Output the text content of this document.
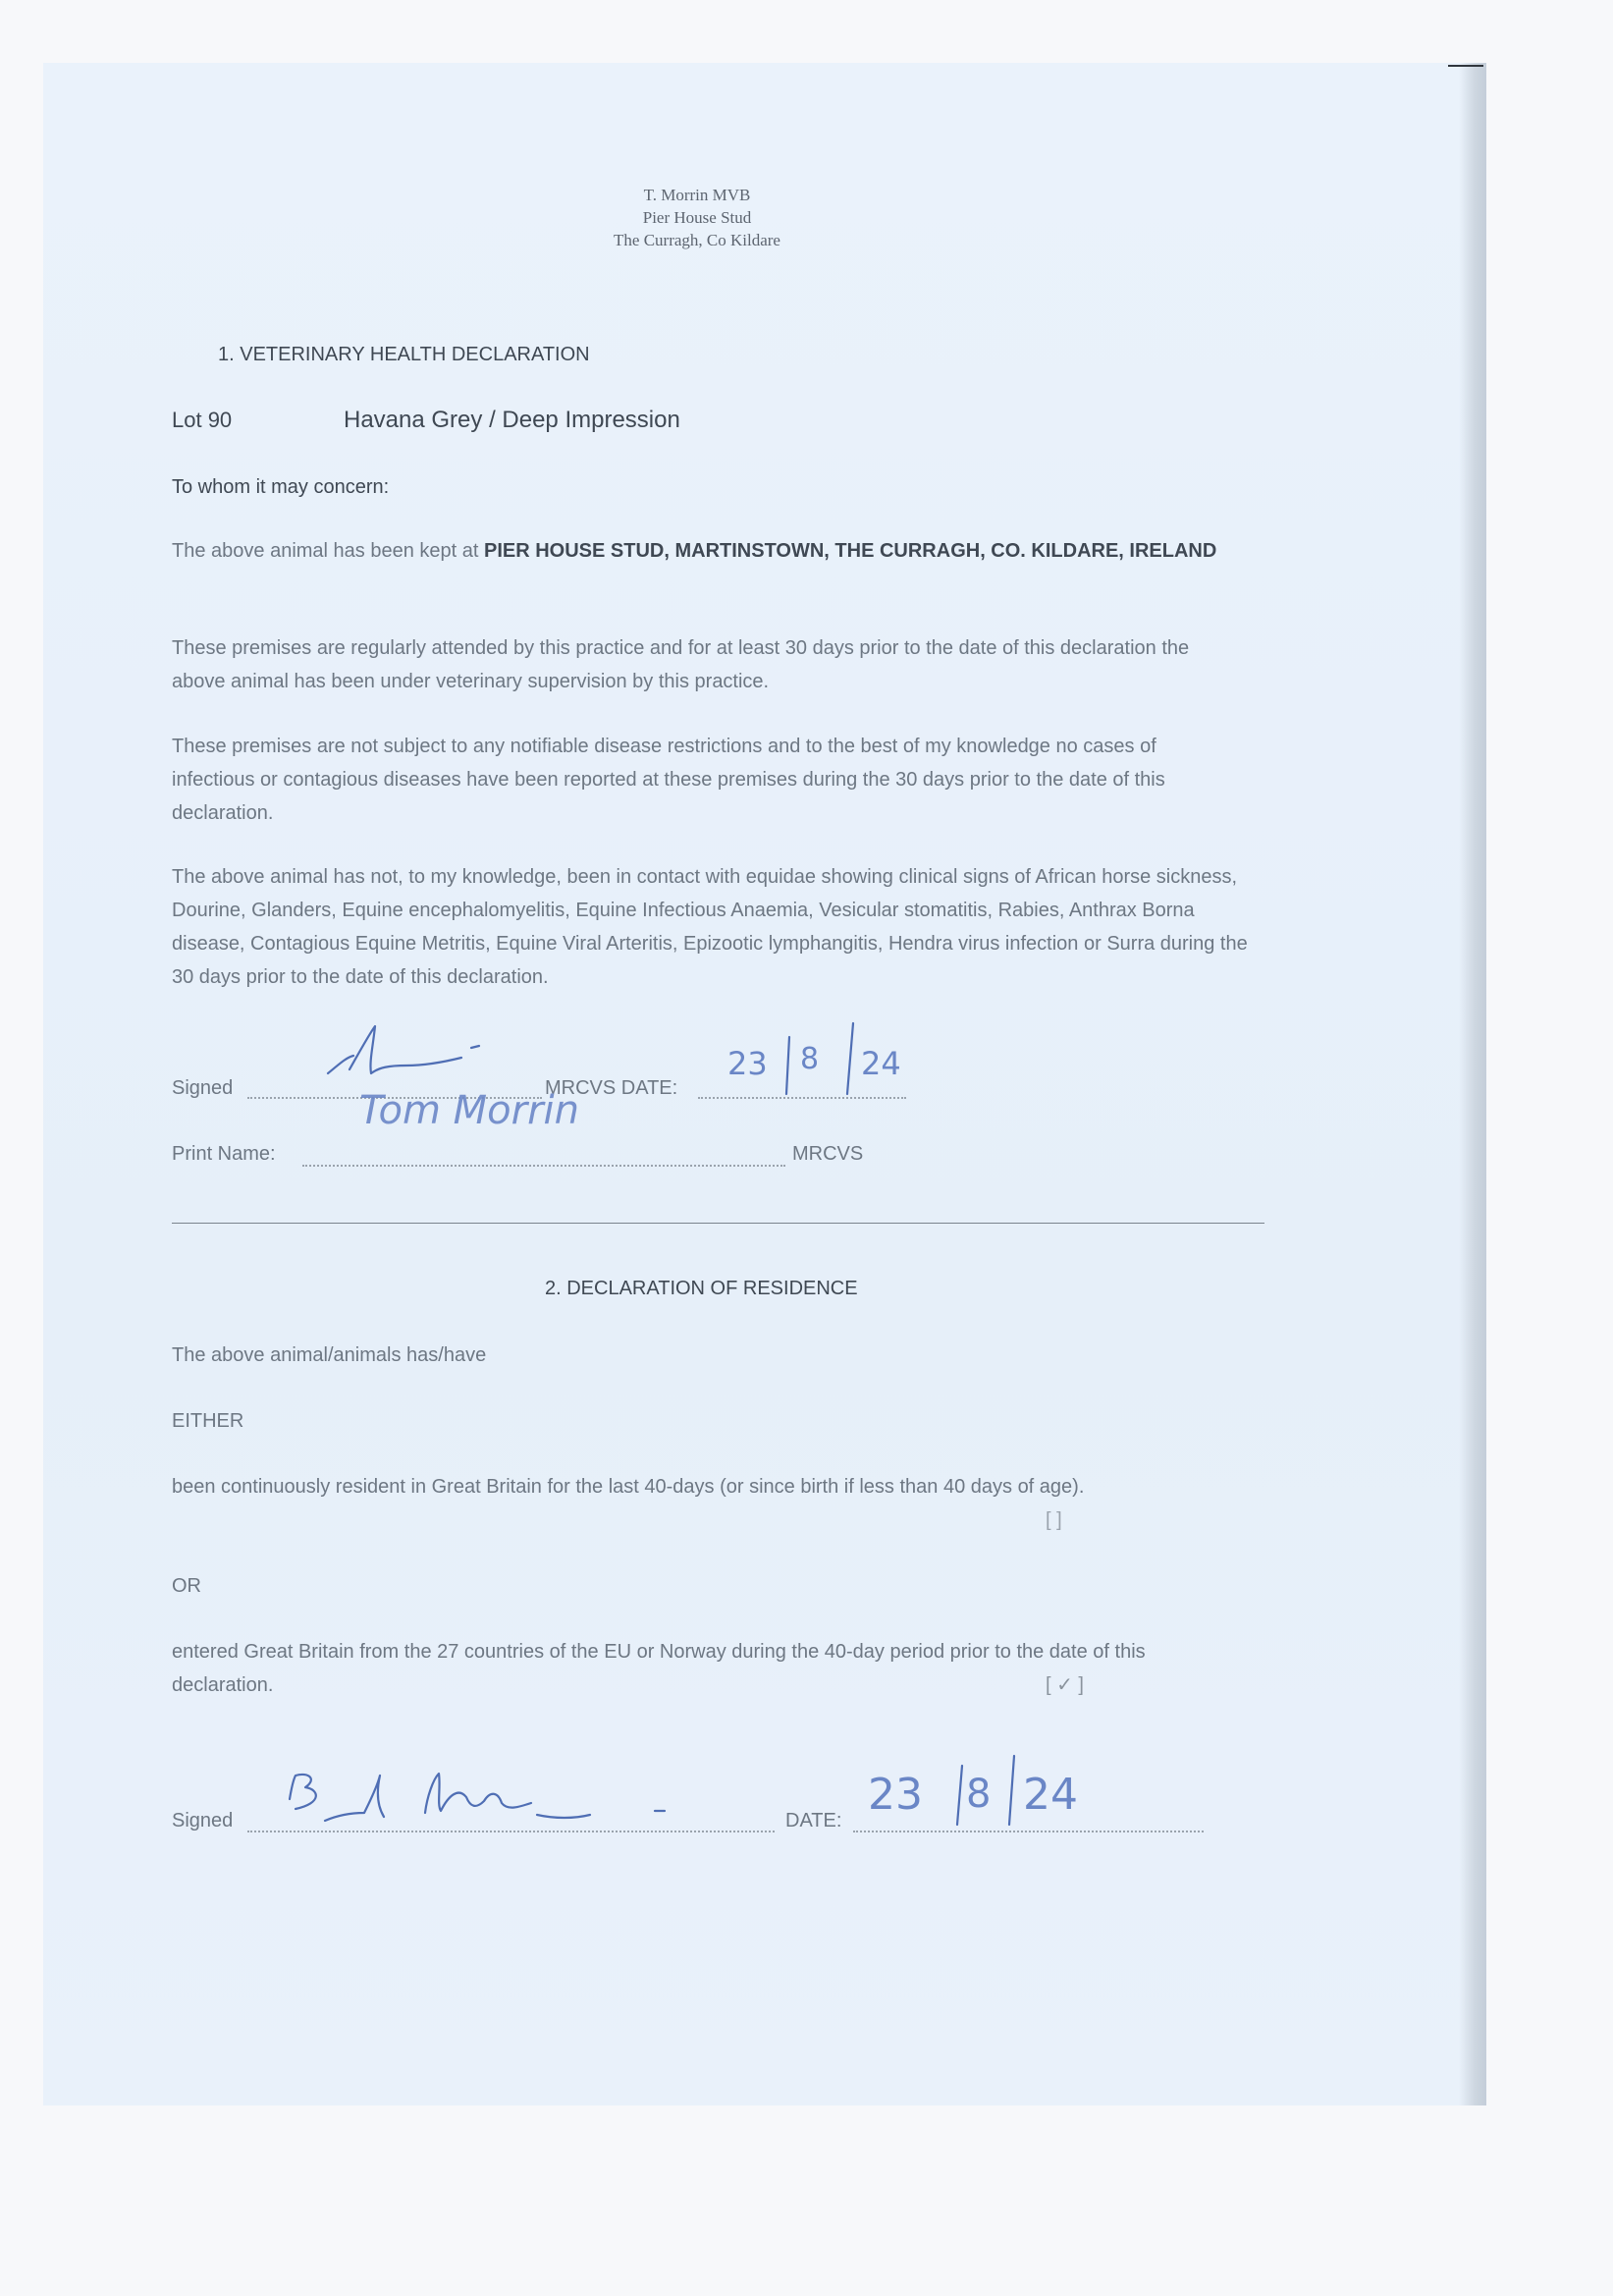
T. Morrin MVB
Pier House Stud
The Curragh, Co Kildare
1. VETERINARY HEALTH DECLARATION
Lot 90	Havana Grey / Deep Impression
To whom it may concern:
The above animal has been kept at PIER HOUSE STUD, MARTINSTOWN, THE CURRAGH, CO. KILDARE, IRELAND
These premises are regularly attended by this practice and for at least 30 days prior to the date of this declaration the above animal has been under veterinary supervision by this practice.
These premises are not subject to any notifiable disease restrictions and to the best of my knowledge no cases of infectious or contagious diseases have been reported at these premises during the 30 days prior to the date of this declaration.
The above animal has not, to my knowledge, been in contact with equidae showing clinical signs of African horse sickness, Dourine, Glanders, Equine encephalomyelitis, Equine Infectious Anaemia, Vesicular stomatitis, Rabies, Anthrax Borna disease, Contagious Equine Metritis, Equine Viral Arteritis, Epizootic lymphangitis, Hendra virus infection or Surra during the 30 days prior to the date of this declaration.
Signed	MRCVS DATE:
23 8 24
Print Name:	MRCVS
Tom Morrin
2. DECLARATION OF RESIDENCE
The above animal/animals has/have
EITHER
been continuously resident in Great Britain for the last 40-days (or since birth if less than 40 days of age).
[ ]
OR
entered Great Britain from the 27 countries of the EU or Norway during the 40-day period prior to the date of this declaration.	[ ✓ ]
Signed	DATE:
23 8 24
